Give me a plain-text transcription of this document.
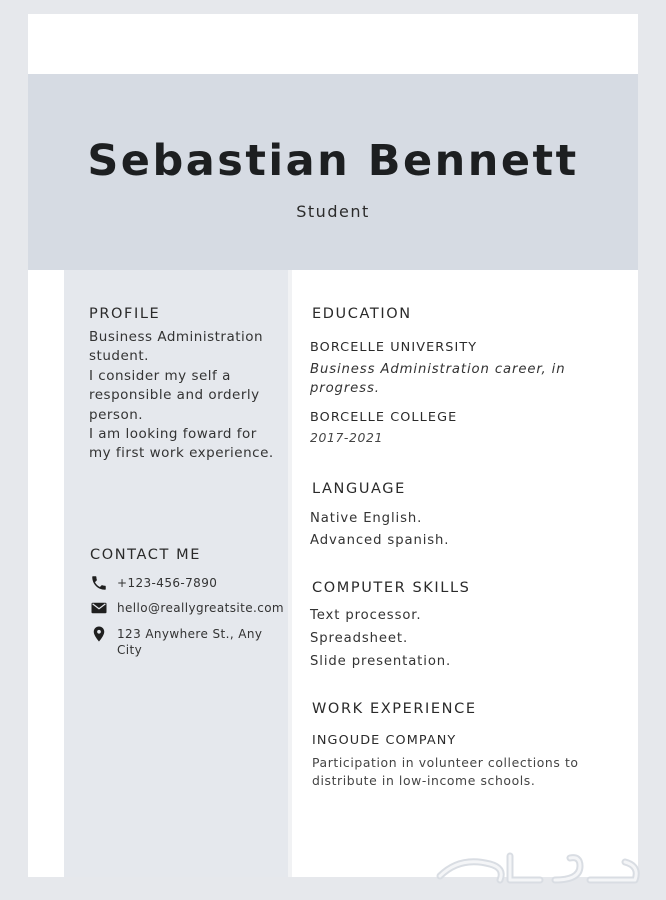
Sebastian Bennett
Student
PROFILE
Business Administration
student.
I consider my self a
responsible and orderly
person.
I am looking foward for
my first work experience.
CONTACT ME
+123-456-7890
hello@reallygreatsite.com
123 Anywhere St., Any
City
EDUCATION
BORCELLE UNIVERSITY
Business Administration career, in
progress.
BORCELLE COLLEGE
2017-2021
LANGUAGE
Native English.
Advanced spanish.
COMPUTER SKILLS
Text processor.
Spreadsheet.
Slide presentation.
WORK EXPERIENCE
INGOUDE COMPANY
Participation in volunteer collections to
distribute in low-income schools.
